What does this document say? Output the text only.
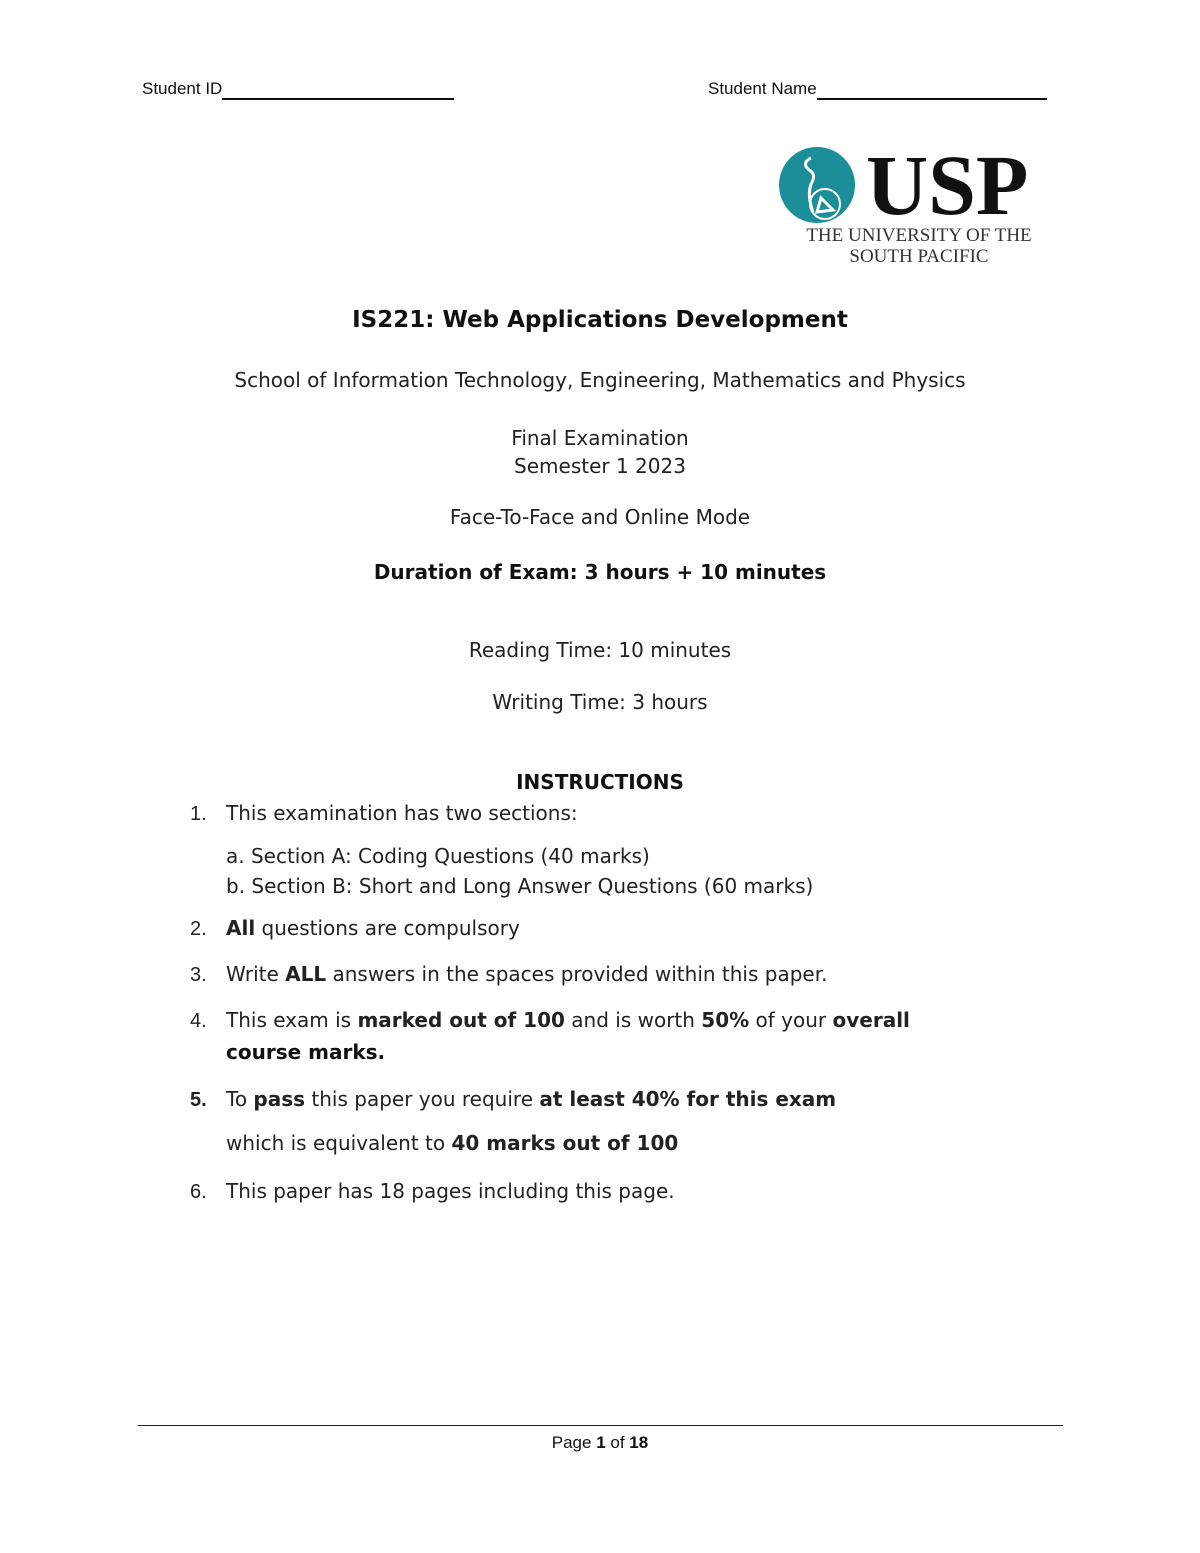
Student ID	Student Name
USP
THE UNIVERSITY OF THE
SOUTH PACIFIC
IS221: Web Applications Development
School of Information Technology, Engineering, Mathematics and Physics
Final Examination
Semester 1 2023
Face-To-Face and Online Mode
Duration of Exam: 3 hours + 10 minutes
Reading Time: 10 minutes
Writing Time: 3 hours
INSTRUCTIONS
1. This examination has two sections:
a. Section A: Coding Questions (40 marks)
b. Section B: Short and Long Answer Questions (60 marks)
2. All questions are compulsory
3. Write ALL answers in the spaces provided within this paper.
4. This exam is marked out of 100 and is worth 50% of your overall
course marks.
5. To pass this paper you require at least 40% for this exam
which is equivalent to 40 marks out of 100
6. This paper has 18 pages including this page.
Page 1 of 18
